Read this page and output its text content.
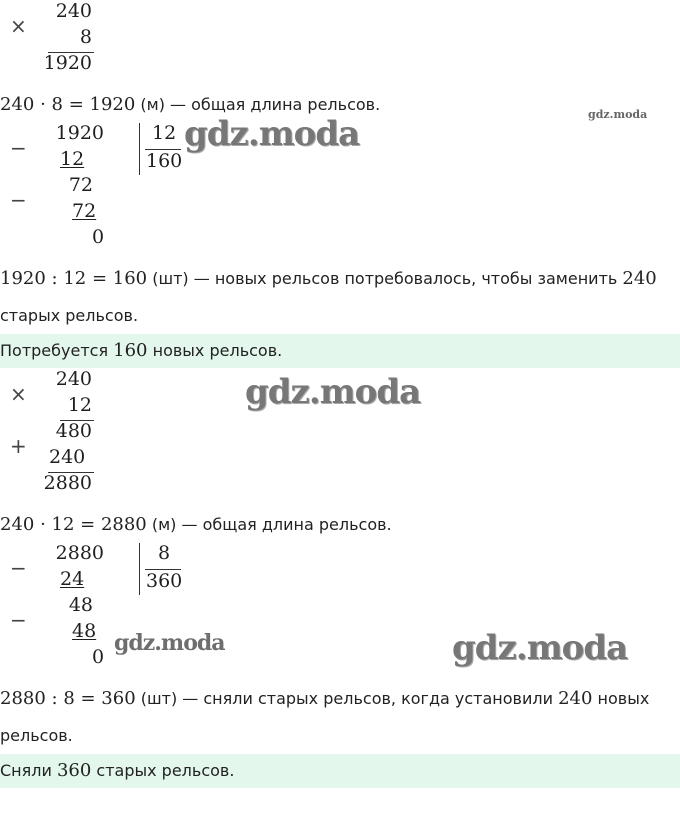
×
240
8
1920
240 · 8 = 1920 (м) — общая длина рельсов.
gdz.moda
−
−
1920
12
72
72
0
12
160
gdz.moda
1920 : 12 = 160 (шт) — новых рельсов потребовалось, чтобы заменить 240
старых рельсов.
Потребуется 160 новых рельсов.
×
+
240
12
480
240
2880
gdz.moda
240 · 12 = 2880 (м) — общая длина рельсов.
−
−
2880
24
48
48
0
8
360
gdz.moda	gdz.moda
2880 : 8 = 360 (шт) — сняли старых рельсов, когда установили 240 новых
рельсов.
Сняли 360 старых рельсов.
